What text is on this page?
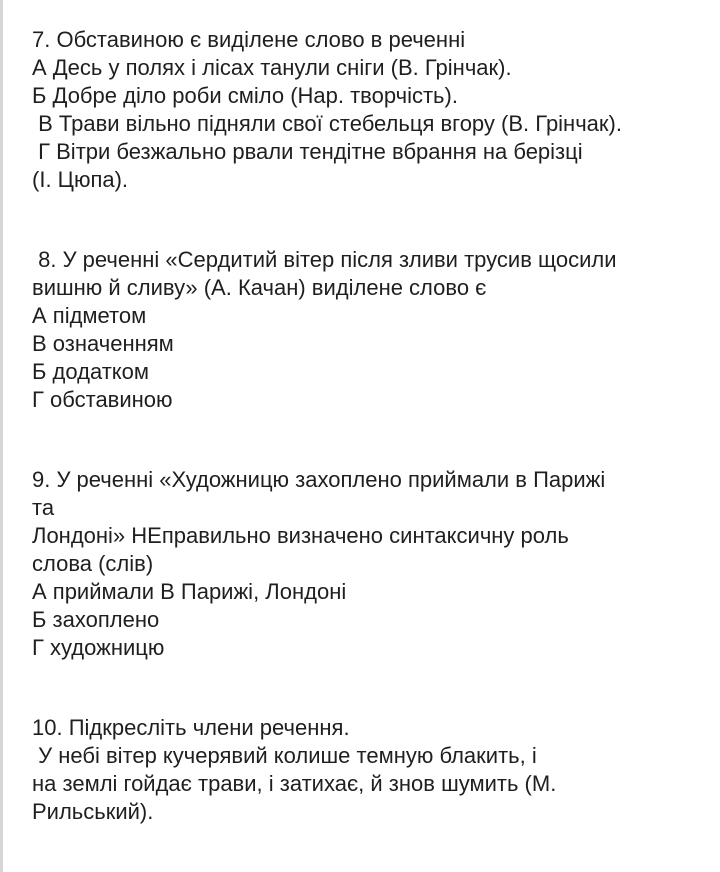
7. Обставиною є виділене слово в реченні
А Десь у полях і лісах танули сніги (В. Грінчак).
Б Добре діло роби сміло (Нар. творчість).
В Трави вільно підняли свої стебельця вгору (В. Грінчак).
Г Вітри безжально рвали тендітне вбрання на берізці
(І. Цюпа).
8. У реченні «Сердитий вітер після зливи трусив щосили
вишню й сливу» (А. Качан) виділене слово є
А підметом
В означенням
Б додатком
Г обставиною
9. У реченні «Художницю захоплено приймали в Парижі
та
Лондоні» НЕправильно визначено синтаксичну роль
слова (слів)
А приймали В Парижі, Лондоні
Б захоплено
Г художницю
10. Підкресліть члени речення.
У небі вітер кучерявий колише темную блакить, і
на землі гойдає трави, і затихає, й знов шумить (М.
Рильський).
